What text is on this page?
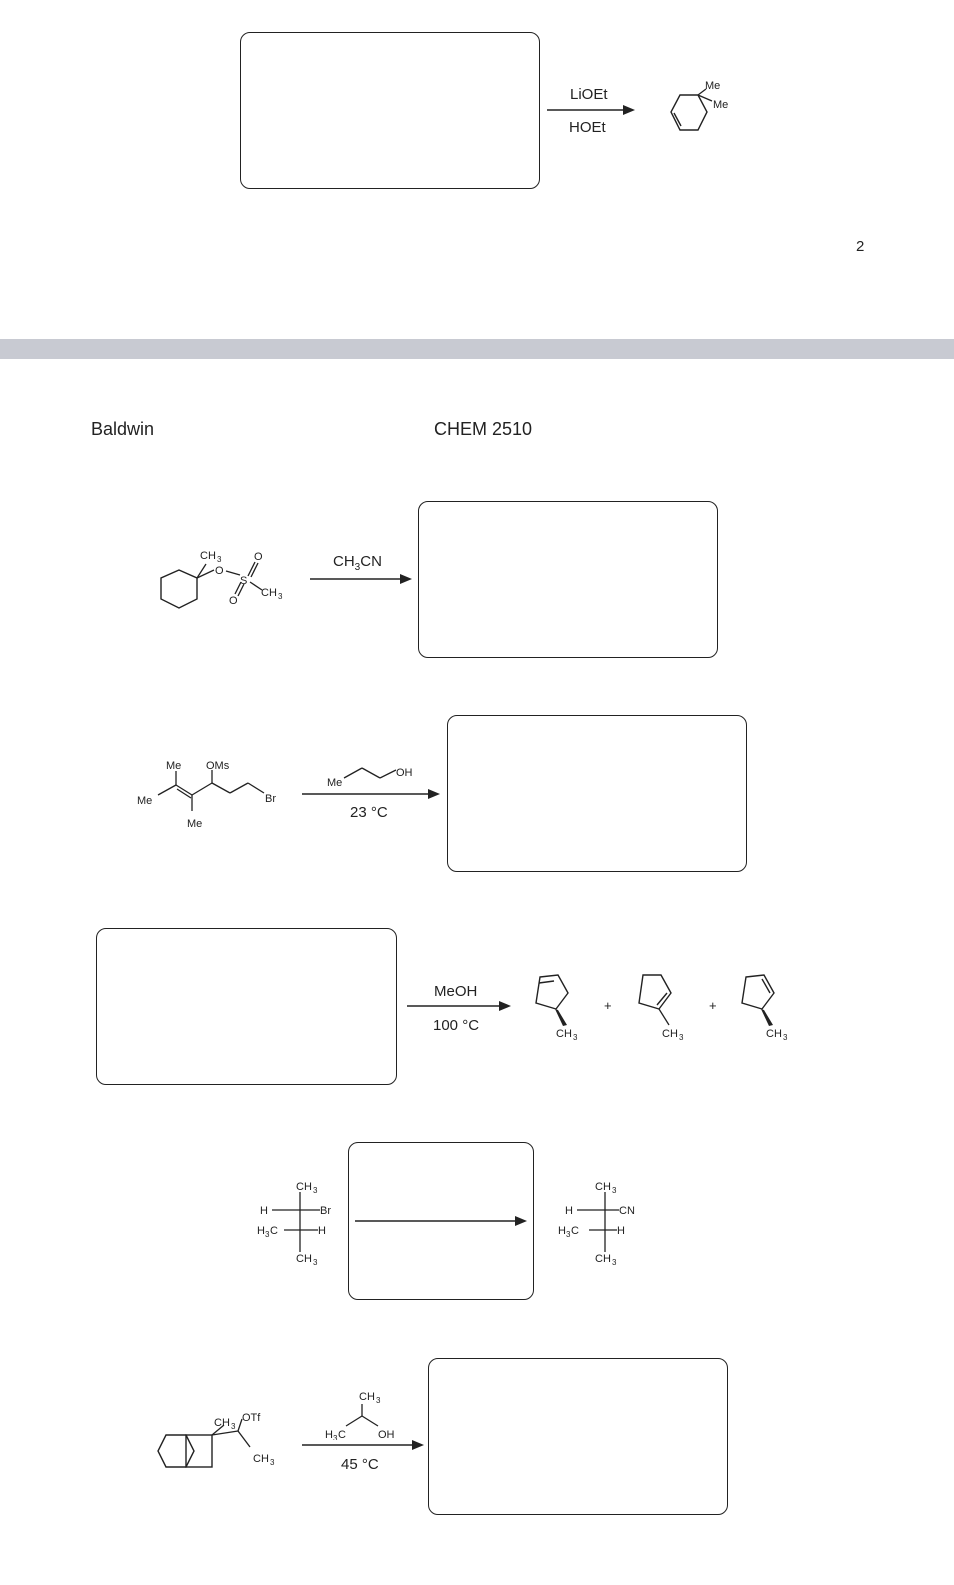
LiOEt
HOEt
Me
Me
2
Baldwin	CHEM 2510
CH 3
O
S
O
O
CH 3
$CH_3CN$
Me
Me
Me
OMs
Br
Me
OH
23 °C
MeOH
100 °C	CH 3
+
CH 3
+
CH 3
CH 3
H	Br
H 3 C	H
CH 3
CH 3
H	CN
H 3 C	H
CH 3
CH 3
OTf
CH 3
CH 3
H 3 C	OH
45 °C
